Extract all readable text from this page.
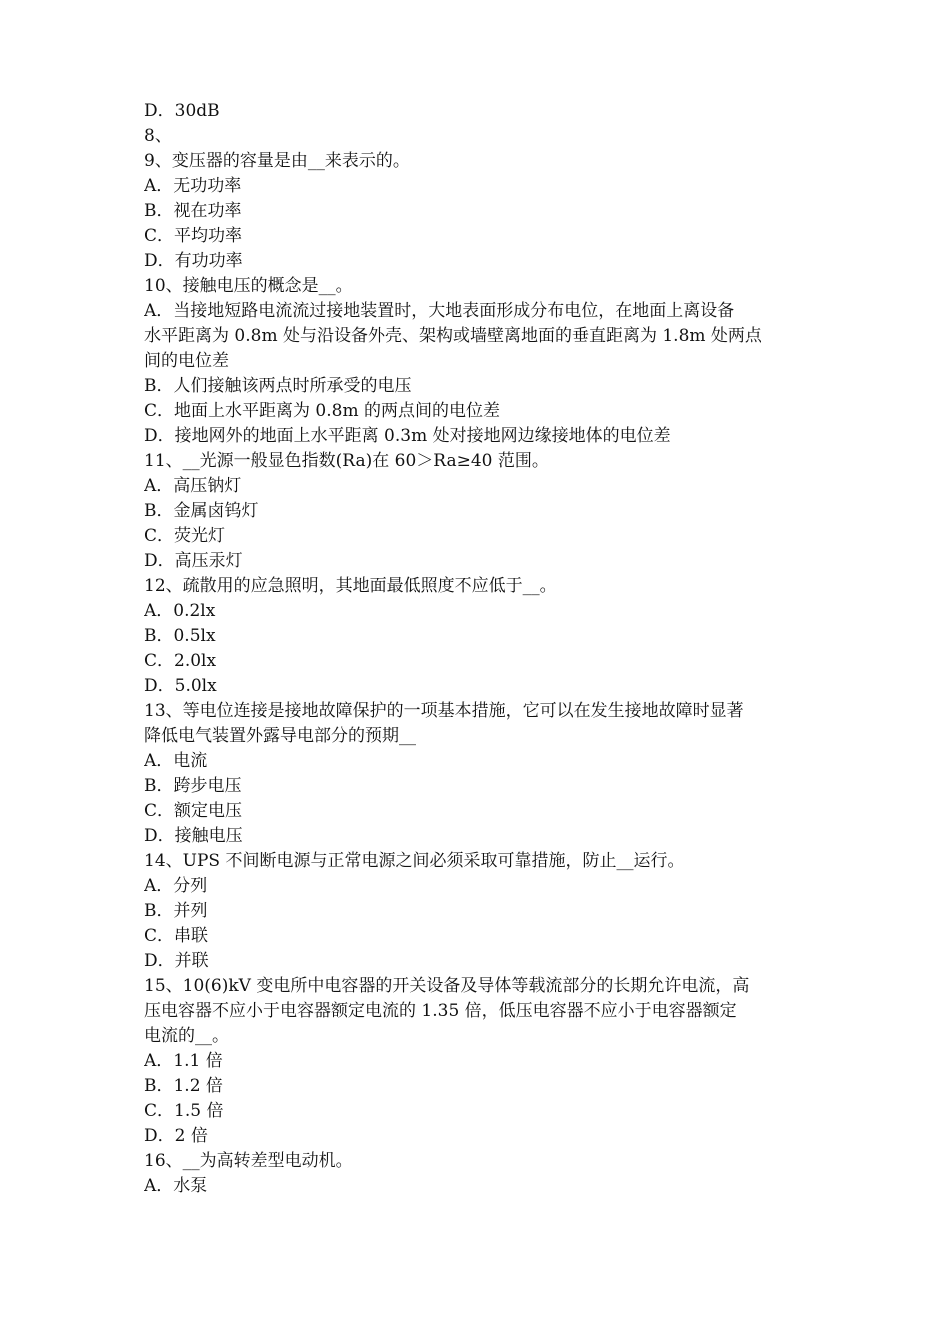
D．30dB
8、
9、变压器的容量是由__来表示的。
A．无功功率
B．视在功率
C．平均功率
D．有功功率
10、接触电压的概念是__。
A．当接地短路电流流过接地装置时，大地表面形成分布电位，在地面上离设备
水平距离为 0.8m 处与沿设备外壳、架构或墙壁离地面的垂直距离为 1.8m 处两点
间的电位差
B．人们接触该两点时所承受的电压
C．地面上水平距离为 0.8m 的两点间的电位差
D．接地网外的地面上水平距离 0.3m 处对接地网边缘接地体的电位差
11、__光源一般显色指数(Ra)在 60＞Ra≥40 范围。
A．高压钠灯
B．金属卤钨灯
C．荧光灯
D．高压汞灯
12、疏散用的应急照明，其地面最低照度不应低于__。
A．0.2lx
B．0.5lx
C．2.0lx
D．5.0lx
13、等电位连接是接地故障保护的一项基本措施，它可以在发生接地故障时显著
降低电气装置外露导电部分的预期__
A．电流
B．跨步电压
C．额定电压
D．接触电压
14、UPS 不间断电源与正常电源之间必须采取可靠措施，防止__运行。
A．分列
B．并列
C．串联
D．并联
15、10(6)kV 变电所中电容器的开关设备及导体等载流部分的长期允许电流，高
压电容器不应小于电容器额定电流的 1.35 倍，低压电容器不应小于电容器额定
电流的__。
A．1.1 倍
B．1.2 倍
C．1.5 倍
D．2 倍
16、__为高转差型电动机。
A．水泵
